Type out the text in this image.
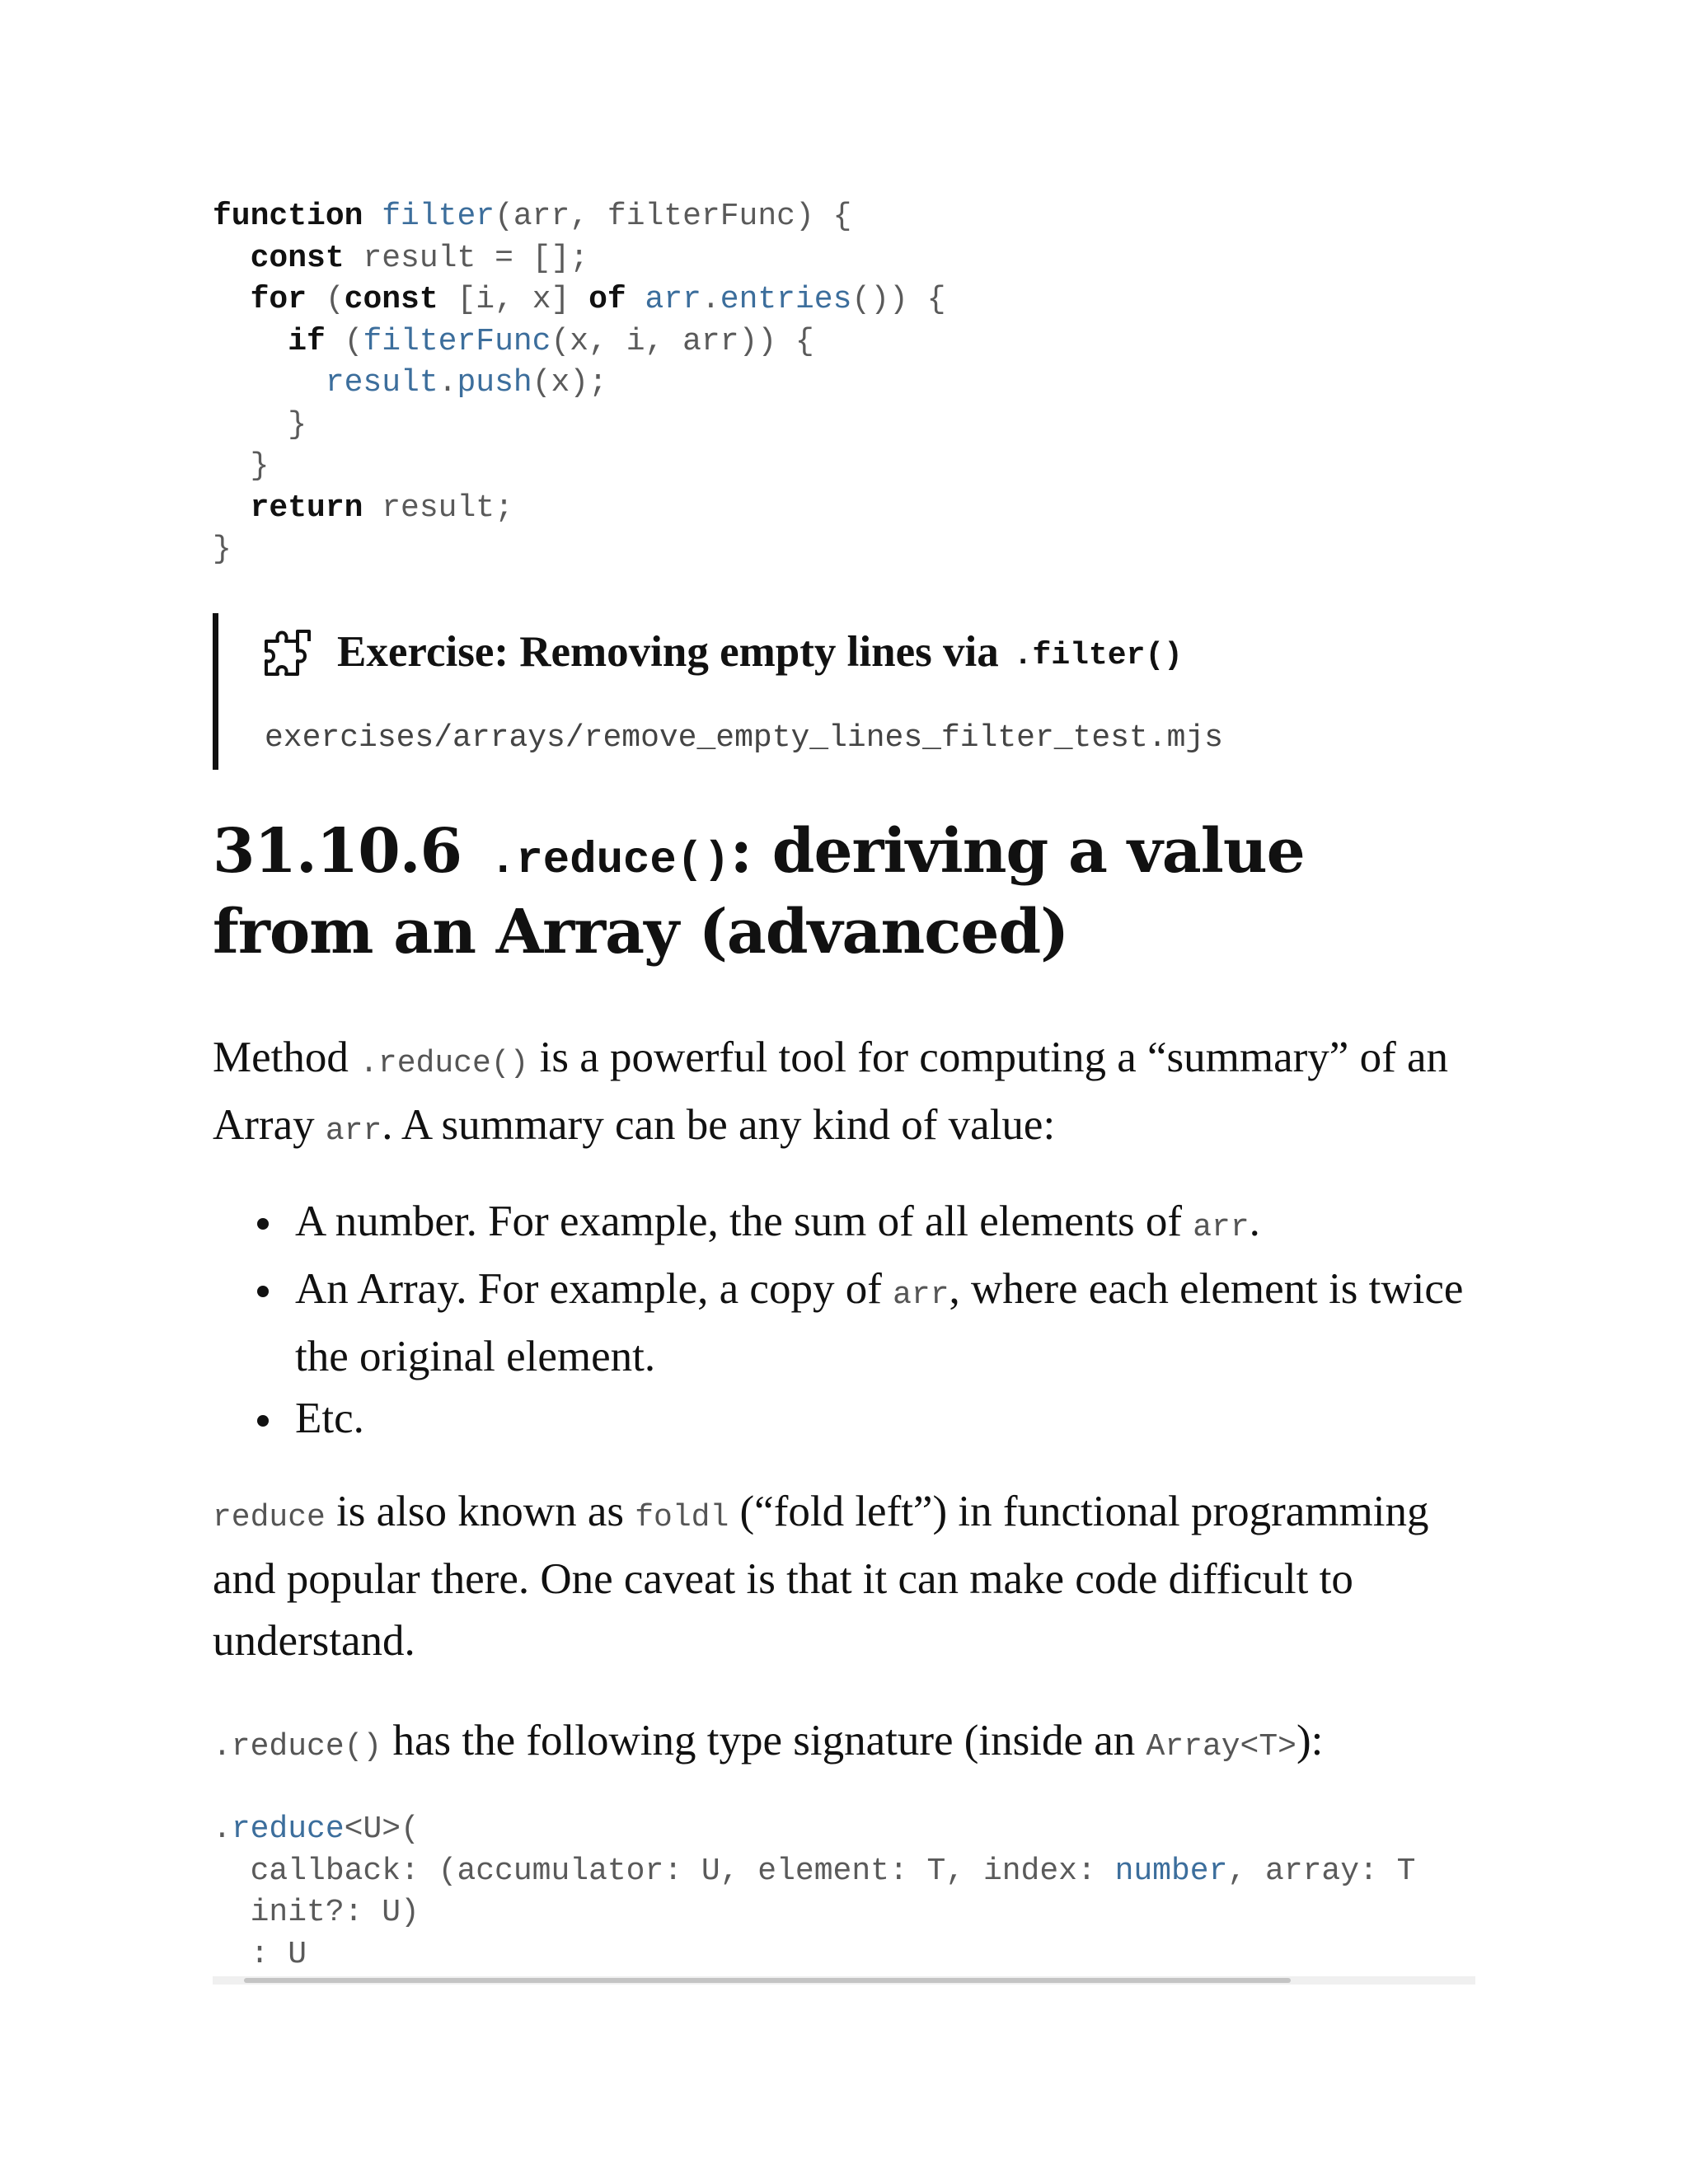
function filter(arr, filterFunc) {
const result = [];
for (const [i, x] of arr.entries()) {
if (filterFunc(x, i, arr)) {
result.push(x);
}
}
return result;
}
Exercise: Removing empty lines via .filter()
exercises/arrays/remove_empty_lines_filter_test.mjs
31.10.6 .reduce(): deriving a value from an Array (advanced)

Method .reduce() is a powerful tool for computing a “summary” of an Array arr. A summary can be any kind of value:

A number. For example, the sum of all elements of arr.
An Array. For example, a copy of arr, where each element is twice the original element.
Etc.

reduce is also known as foldl (“fold left”) in functional programming and popular there. One caveat is that it can make code difficult to understand.

.reduce() has the following type signature (inside an Array<T>):

.reduce<U>(
callback: (accumulator: U, element: T, index: number, array: T
init?: U)
: U
